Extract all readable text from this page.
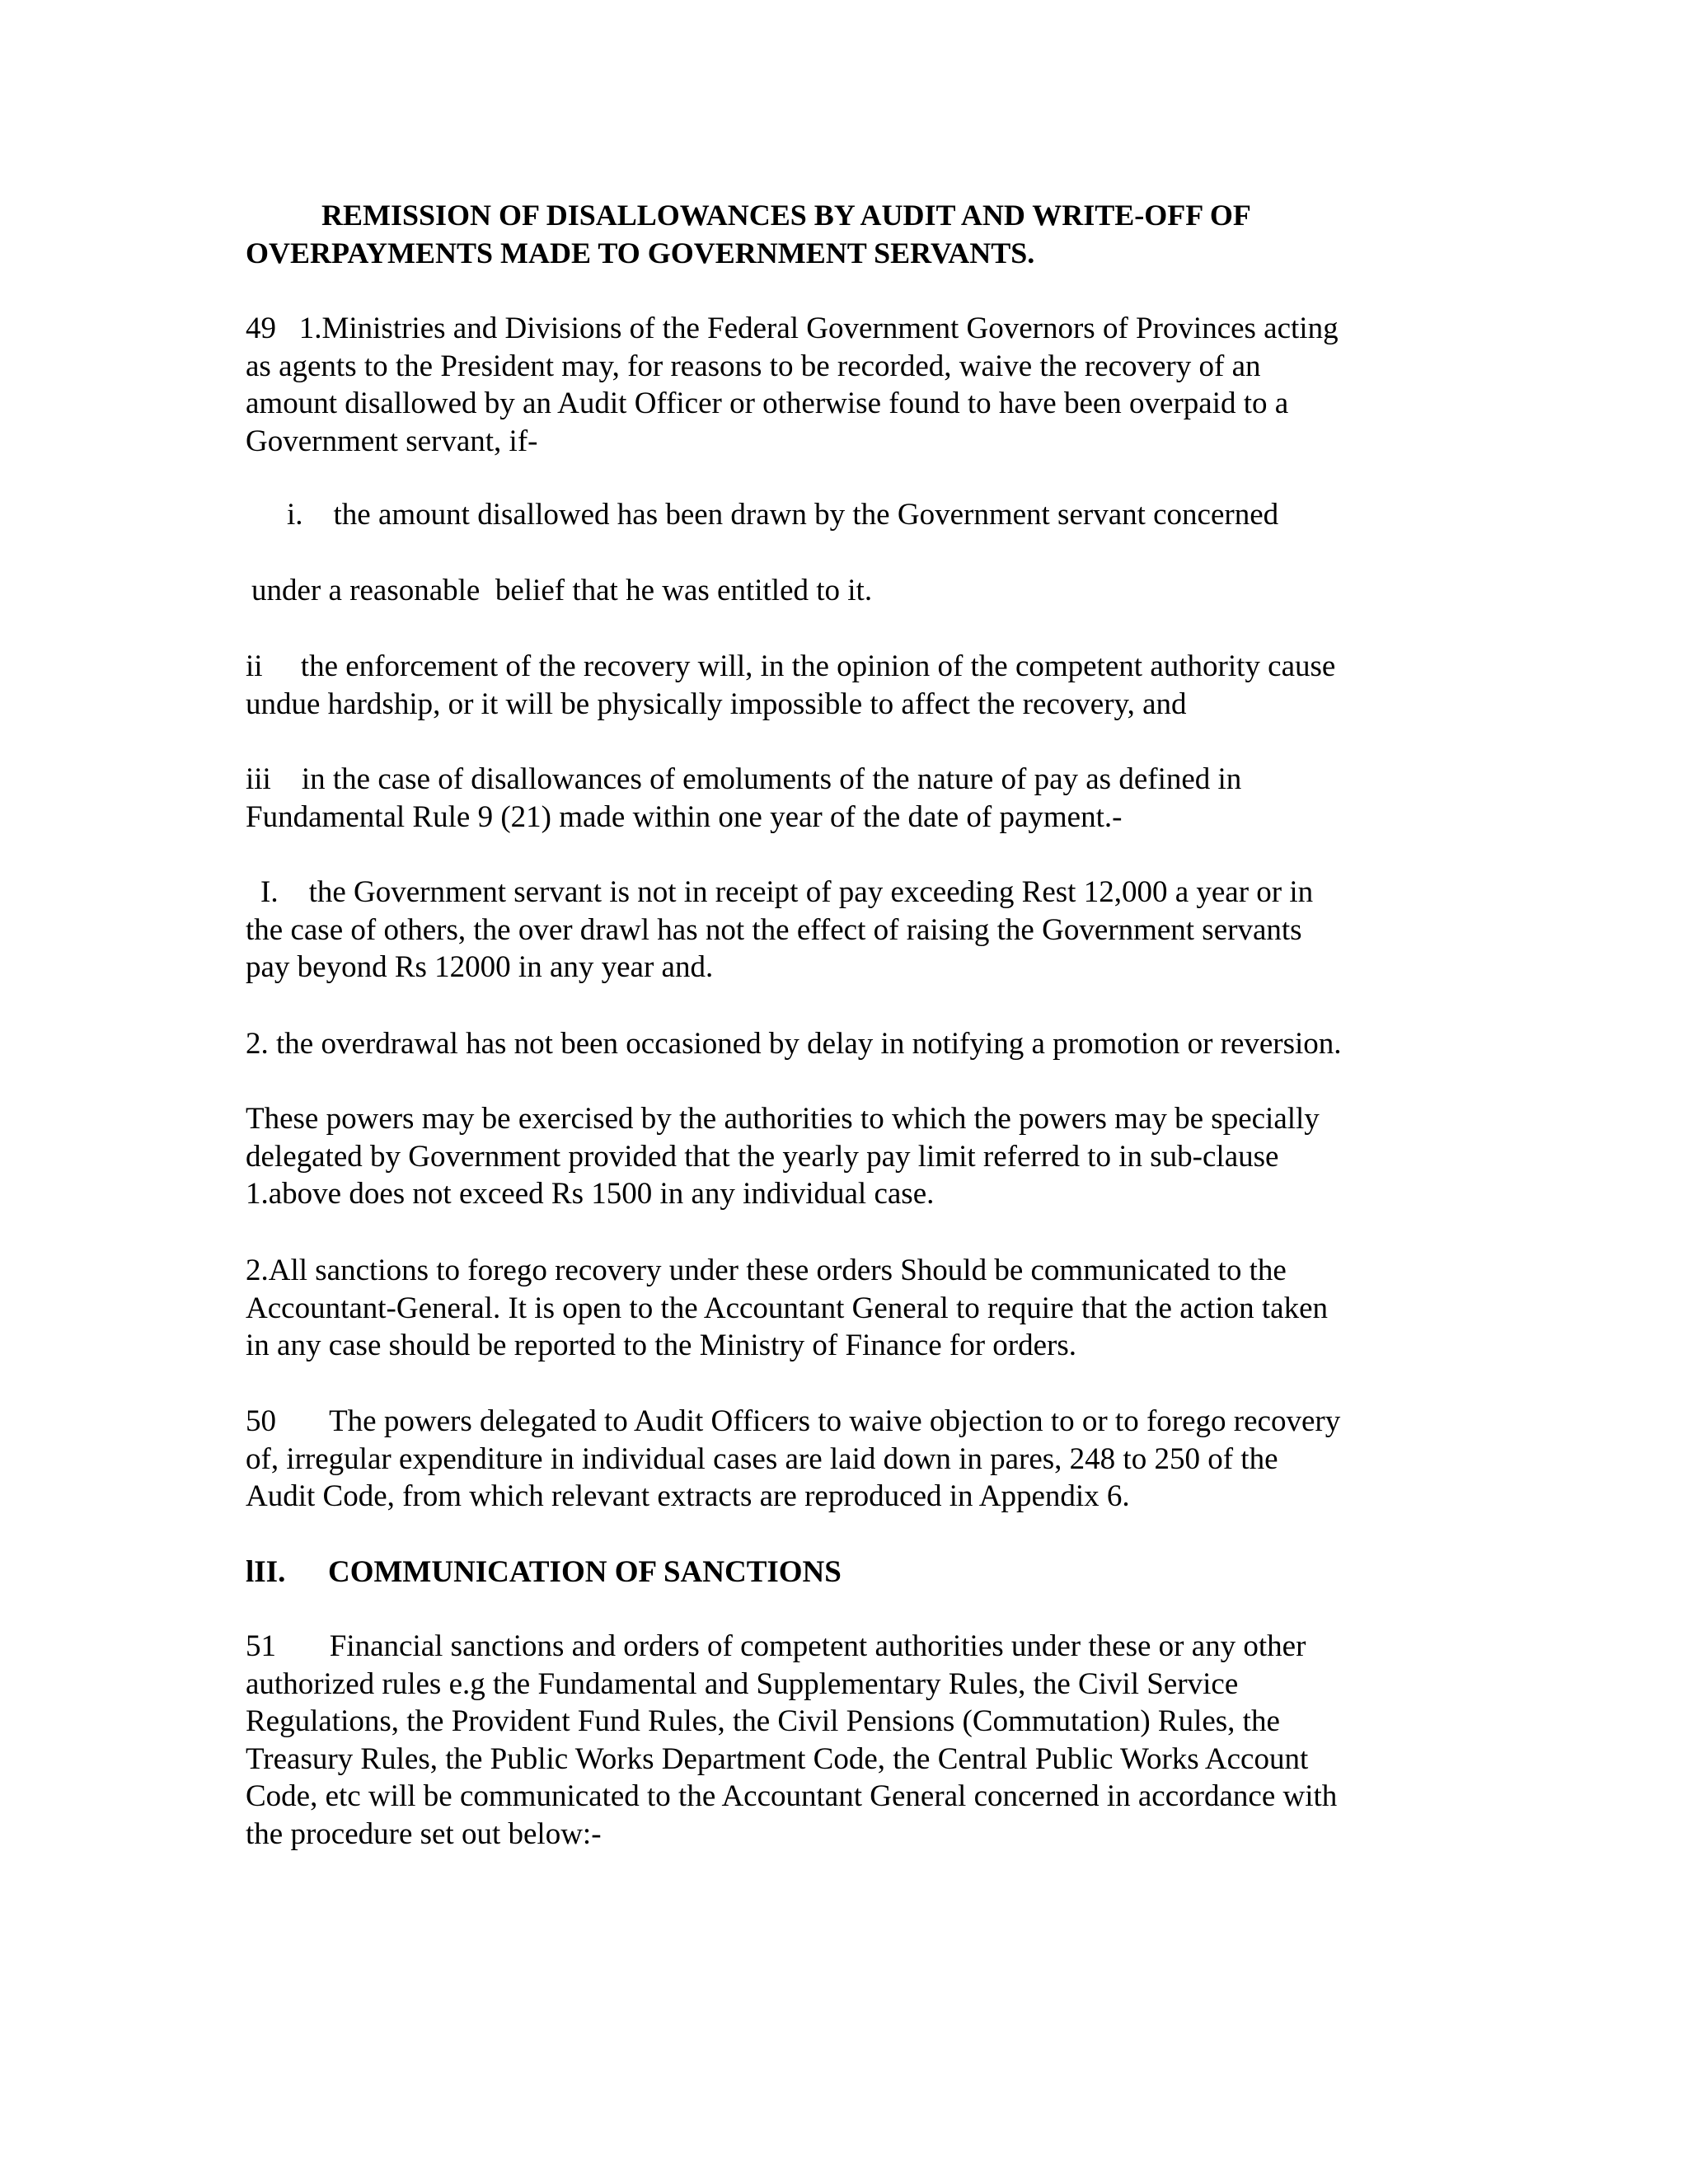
REMISSION OF DISALLOWANCES BY AUDIT AND WRITE-OFF OF
OVERPAYMENTS MADE TO GOVERNMENT SERVANTS.
49   1.Ministries and Divisions of the Federal Government Governors of Provinces acting
as agents to the President may, for reasons to be recorded, waive the recovery of an
amount disallowed by an Audit Officer or otherwise found to have been overpaid to a
Government servant, if-
i.    the amount disallowed has been drawn by the Government servant concerned
under a reasonable  belief that he was entitled to it.
ii     the enforcement of the recovery will, in the opinion of the competent authority cause
undue hardship, or it will be physically impossible to affect the recovery, and
iii    in the case of disallowances of emoluments of the nature of pay as defined in
Fundamental Rule 9 (21) made within one year of the date of payment.-
I.    the Government servant is not in receipt of pay exceeding Rest 12,000 a year or in
the case of others, the over drawl has not the effect of raising the Government servants
pay beyond Rs 12000 in any year and.
2. the overdrawal has not been occasioned by delay in notifying a promotion or reversion.
These powers may be exercised by the authorities to which the powers may be specially
delegated by Government provided that the yearly pay limit referred to in sub-clause
1.above does not exceed Rs 1500 in any individual case.
2.All sanctions to forego recovery under these orders Should be communicated to the
Accountant-General. It is open to the Accountant General to require that the action taken
in any case should be reported to the Ministry of Finance for orders.
50       The powers delegated to Audit Officers to waive objection to or to forego recovery
of, irregular expenditure in individual cases are laid down in pares, 248 to 250 of the
Audit Code, from which relevant extracts are reproduced in Appendix 6.
lII. COMMUNICATION OF SANCTIONS
51       Financial sanctions and orders of competent authorities under these or any other
authorized rules e.g the Fundamental and Supplementary Rules, the Civil Service
Regulations, the Provident Fund Rules, the Civil Pensions (Commutation) Rules, the
Treasury Rules, the Public Works Department Code, the Central Public Works Account
Code, etc will be communicated to the Accountant General concerned in accordance with
the procedure set out below:-
